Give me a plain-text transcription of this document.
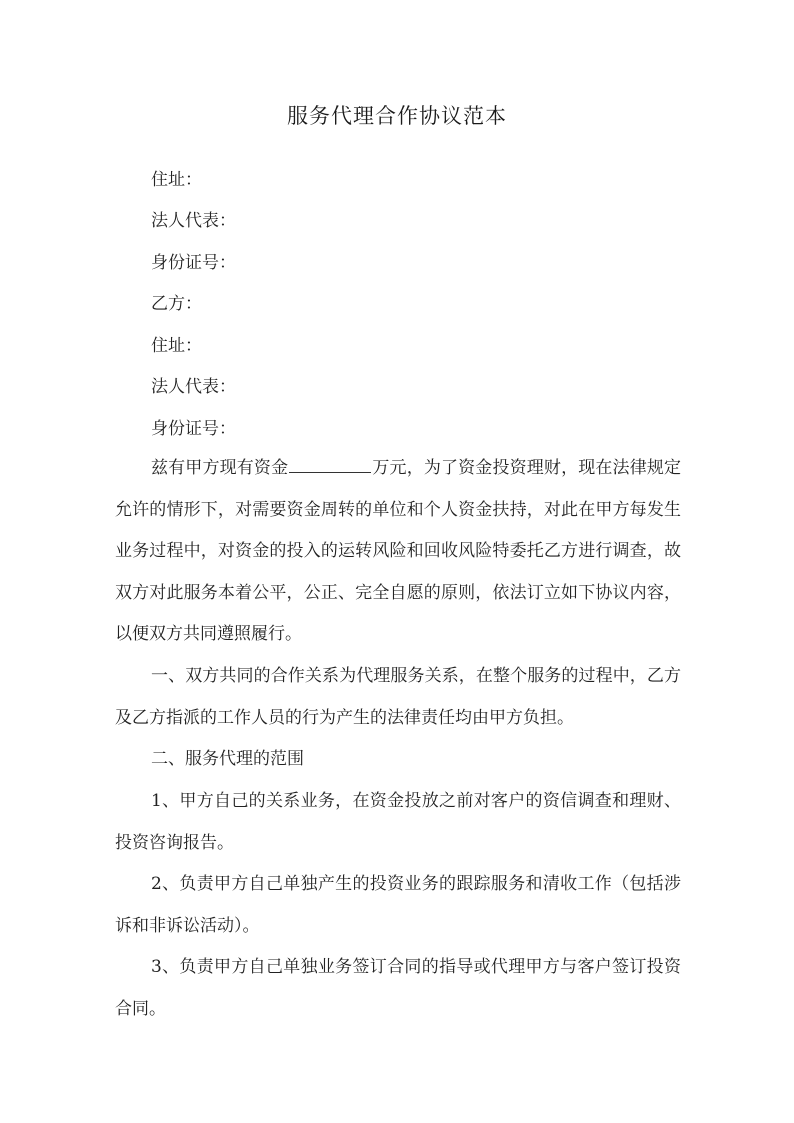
服务代理合作协议范本
住址：
法人代表：
身份证号：
乙方：
住址：
法人代表：
身份证号：

兹有甲方现有资金	万元，为了资金投资理财，现在法律规定允许的情形下，对需要资金周转的单位和个人资金扶持，对此在甲方每发生业务过程中，对资金的投入的运转风险和回收风险特委托乙方进行调查，故双方对此服务本着公平，公正、完全自愿的原则，依法订立如下协议内容，以便双方共同遵照履行。

一、双方共同的合作关系为代理服务关系，在整个服务的过程中，乙方及乙方指派的工作人员的行为产生的法律责任均由甲方负担。

二、服务代理的范围

1、甲方自己的关系业务，在资金投放之前对客户的资信调查和理财、投资咨询报告。

2、负责甲方自己单独产生的投资业务的跟踪服务和清收工作（包括涉诉和非诉讼活动）。

3、负责甲方自己单独业务签订合同的指导或代理甲方与客户签订投资合同。
